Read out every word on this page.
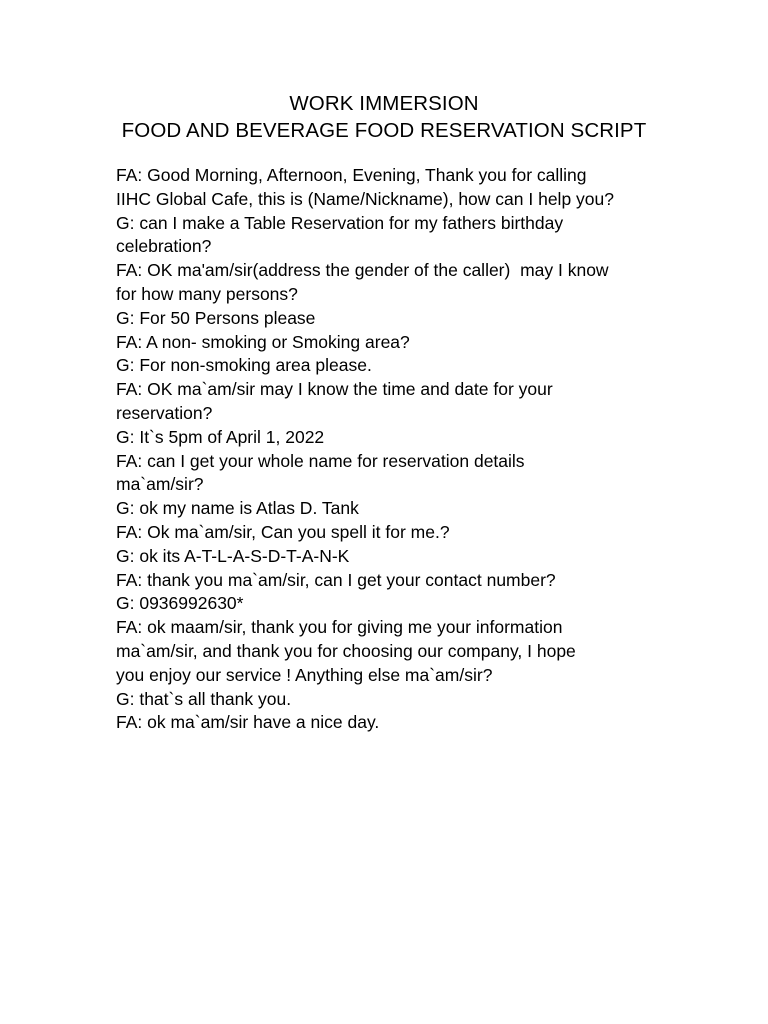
WORK IMMERSION
FOOD AND BEVERAGE FOOD RESERVATION SCRIPT
FA: Good Morning, Afternoon, Evening, Thank you for calling
IIHC Global Cafe, this is (Name/Nickname), how can I help you?
G: can I make a Table Reservation for my fathers birthday
celebration?
FA: OK ma'am/sir(address the gender of the caller)  may I know
for how many persons?
G: For 50 Persons please
FA: A non- smoking or Smoking area?
G: For non-smoking area please.
FA: OK ma`am/sir may I know the time and date for your
reservation?
G: It`s 5pm of April 1, 2022
FA: can I get your whole name for reservation details
ma`am/sir?
G: ok my name is Atlas D. Tank
FA: Ok ma`am/sir, Can you spell it for me.?
G: ok its A-T-L-A-S-D-T-A-N-K
FA: thank you ma`am/sir, can I get your contact number?
G: 0936992630*
FA: ok maam/sir, thank you for giving me your information
ma`am/sir, and thank you for choosing our company, I hope
you enjoy our service ! Anything else ma`am/sir?
G: that`s all thank you.
FA: ok ma`am/sir have a nice day.
